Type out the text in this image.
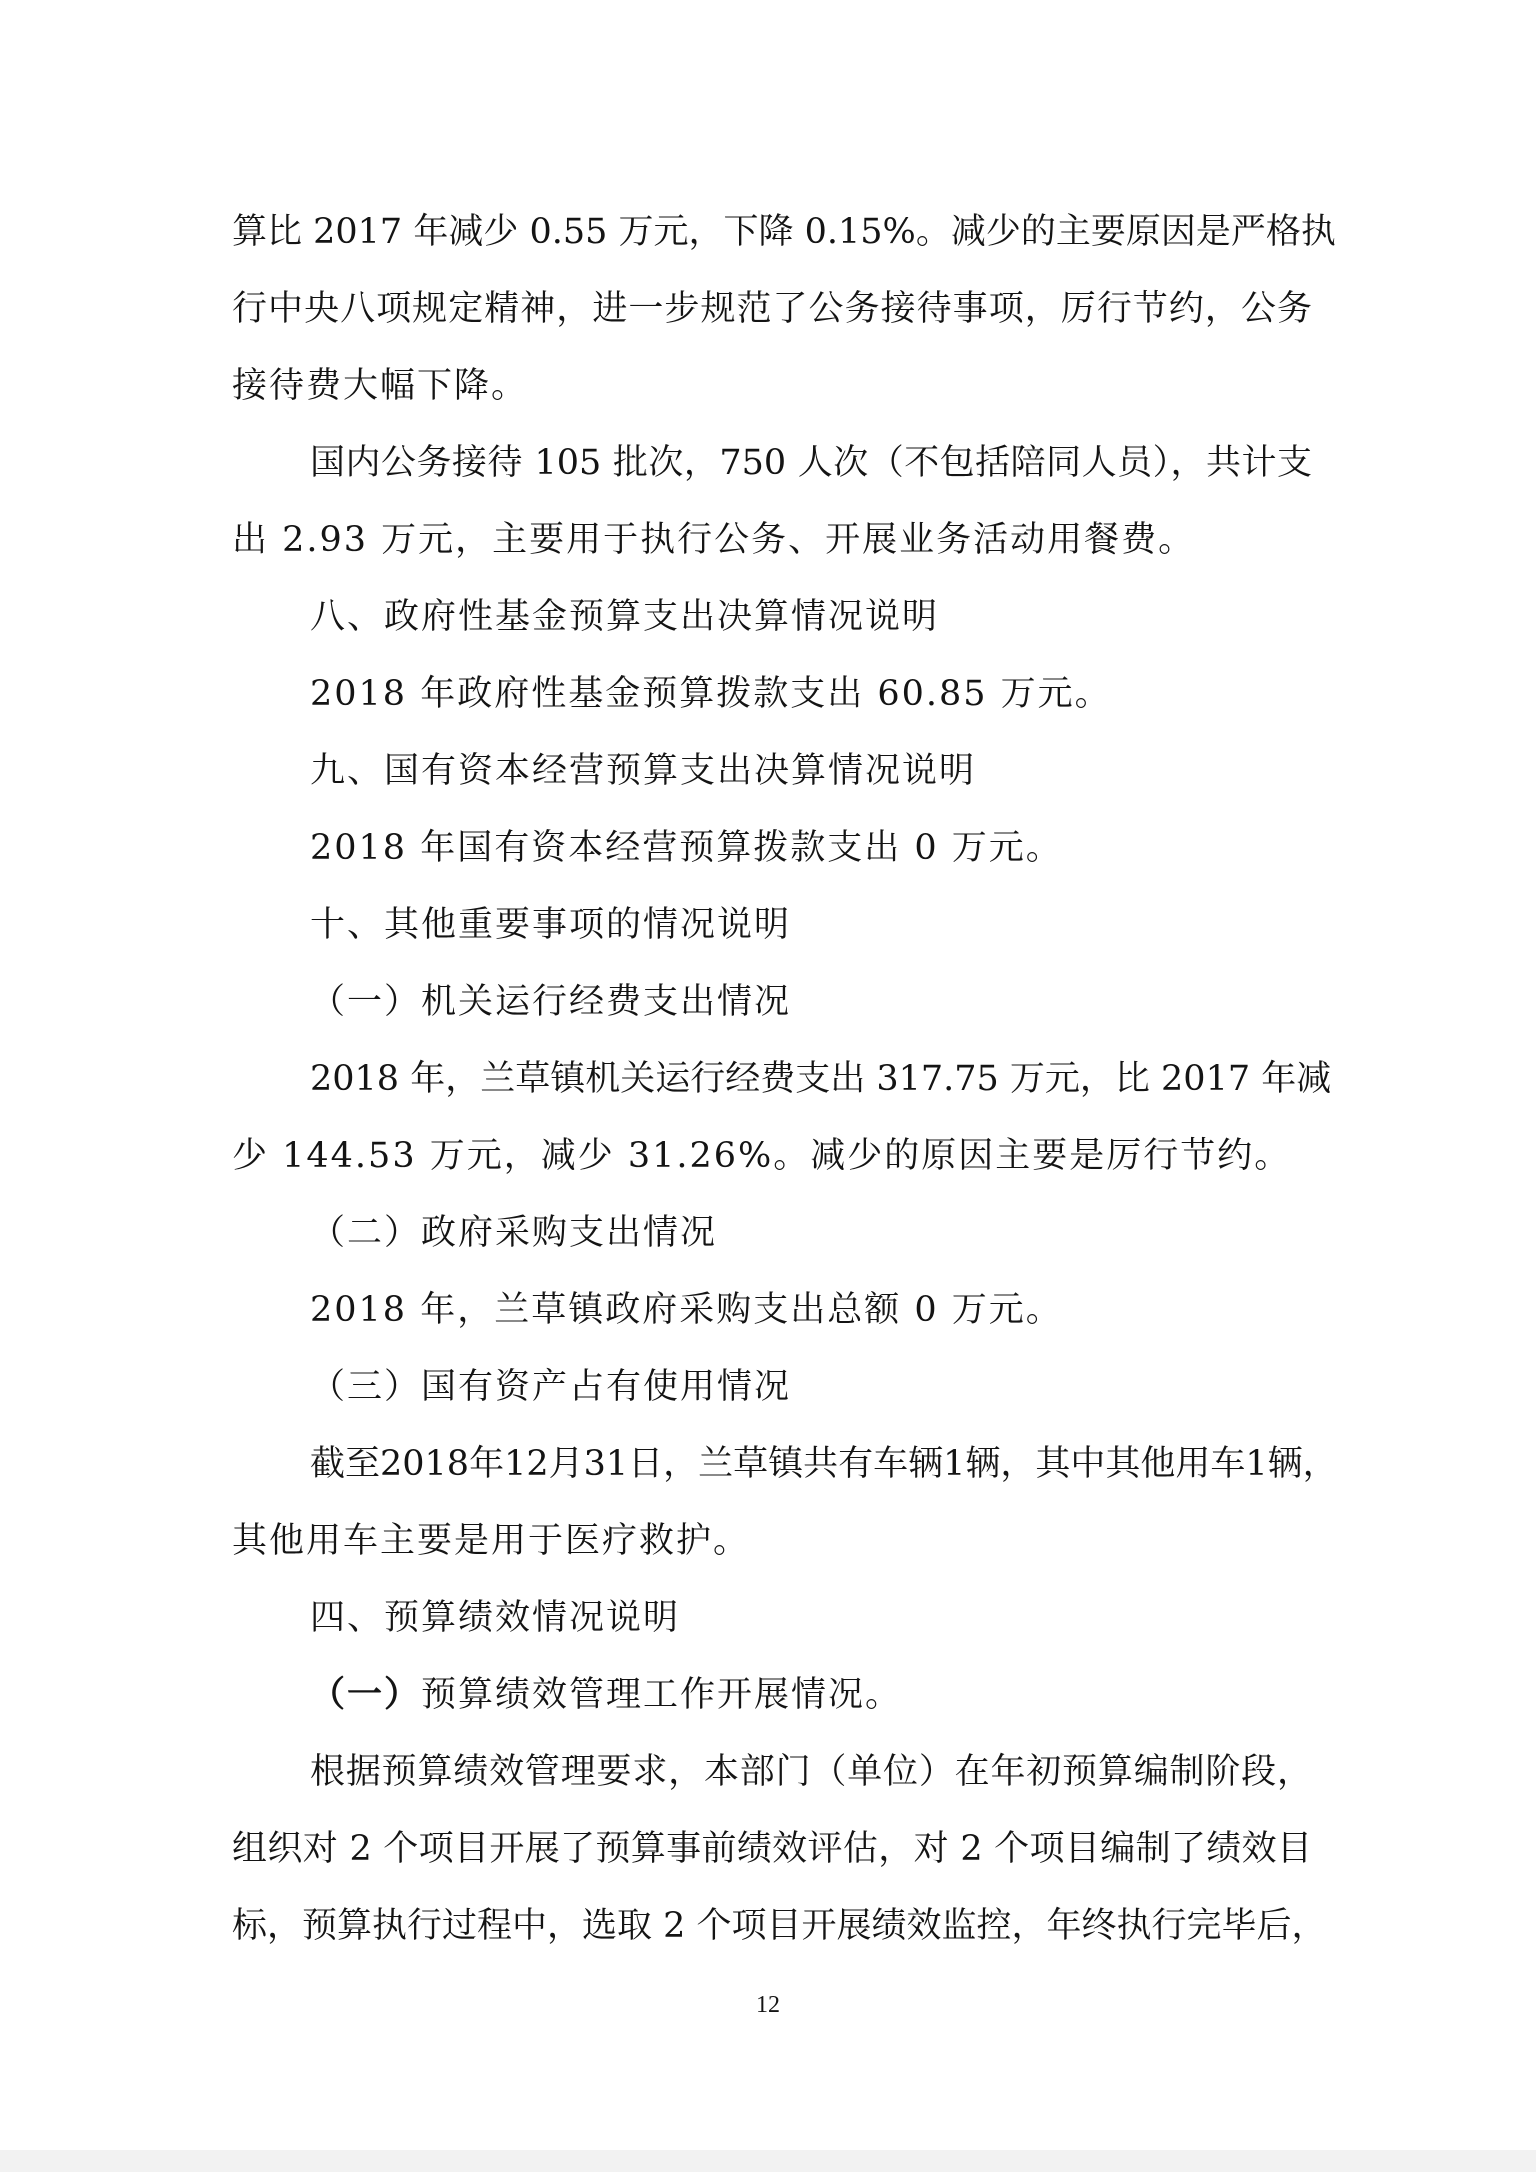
算比 2017 年减少 0.55 万元，下降 0.15%。减少的主要原因是严格执
行中央八项规定精神，进一步规范了公务接待事项，厉行节约，公务
接待费大幅下降。
国内公务接待 105 批次，750 人次（不包括陪同人员），共计支
出 2.93 万元，主要用于执行公务、开展业务活动用餐费。
八、政府性基金预算支出决算情况说明
2018 年政府性基金预算拨款支出 60.85 万元。
九、国有资本经营预算支出决算情况说明
2018 年国有资本经营预算拨款支出 0 万元。
十、其他重要事项的情况说明
（一）机关运行经费支出情况
2018 年，兰草镇机关运行经费支出 317.75 万元，比 2017 年减
少 144.53 万元，减少 31.26%。减少的原因主要是厉行节约。
（二）政府采购支出情况
2018 年，兰草镇政府采购支出总额 0 万元。
（三）国有资产占有使用情况
截至2018年12月31日，兰草镇共有车辆1辆，其中其他用车1辆，
其他用车主要是用于医疗救护。
四、预算绩效情况说明
（一）预算绩效管理工作开展情况。
根据预算绩效管理要求，本部门（单位）在年初预算编制阶段，
组织对 2 个项目开展了预算事前绩效评估，对 2 个项目编制了绩效目
标，预算执行过程中，选取 2 个项目开展绩效监控，年终执行完毕后，
12
